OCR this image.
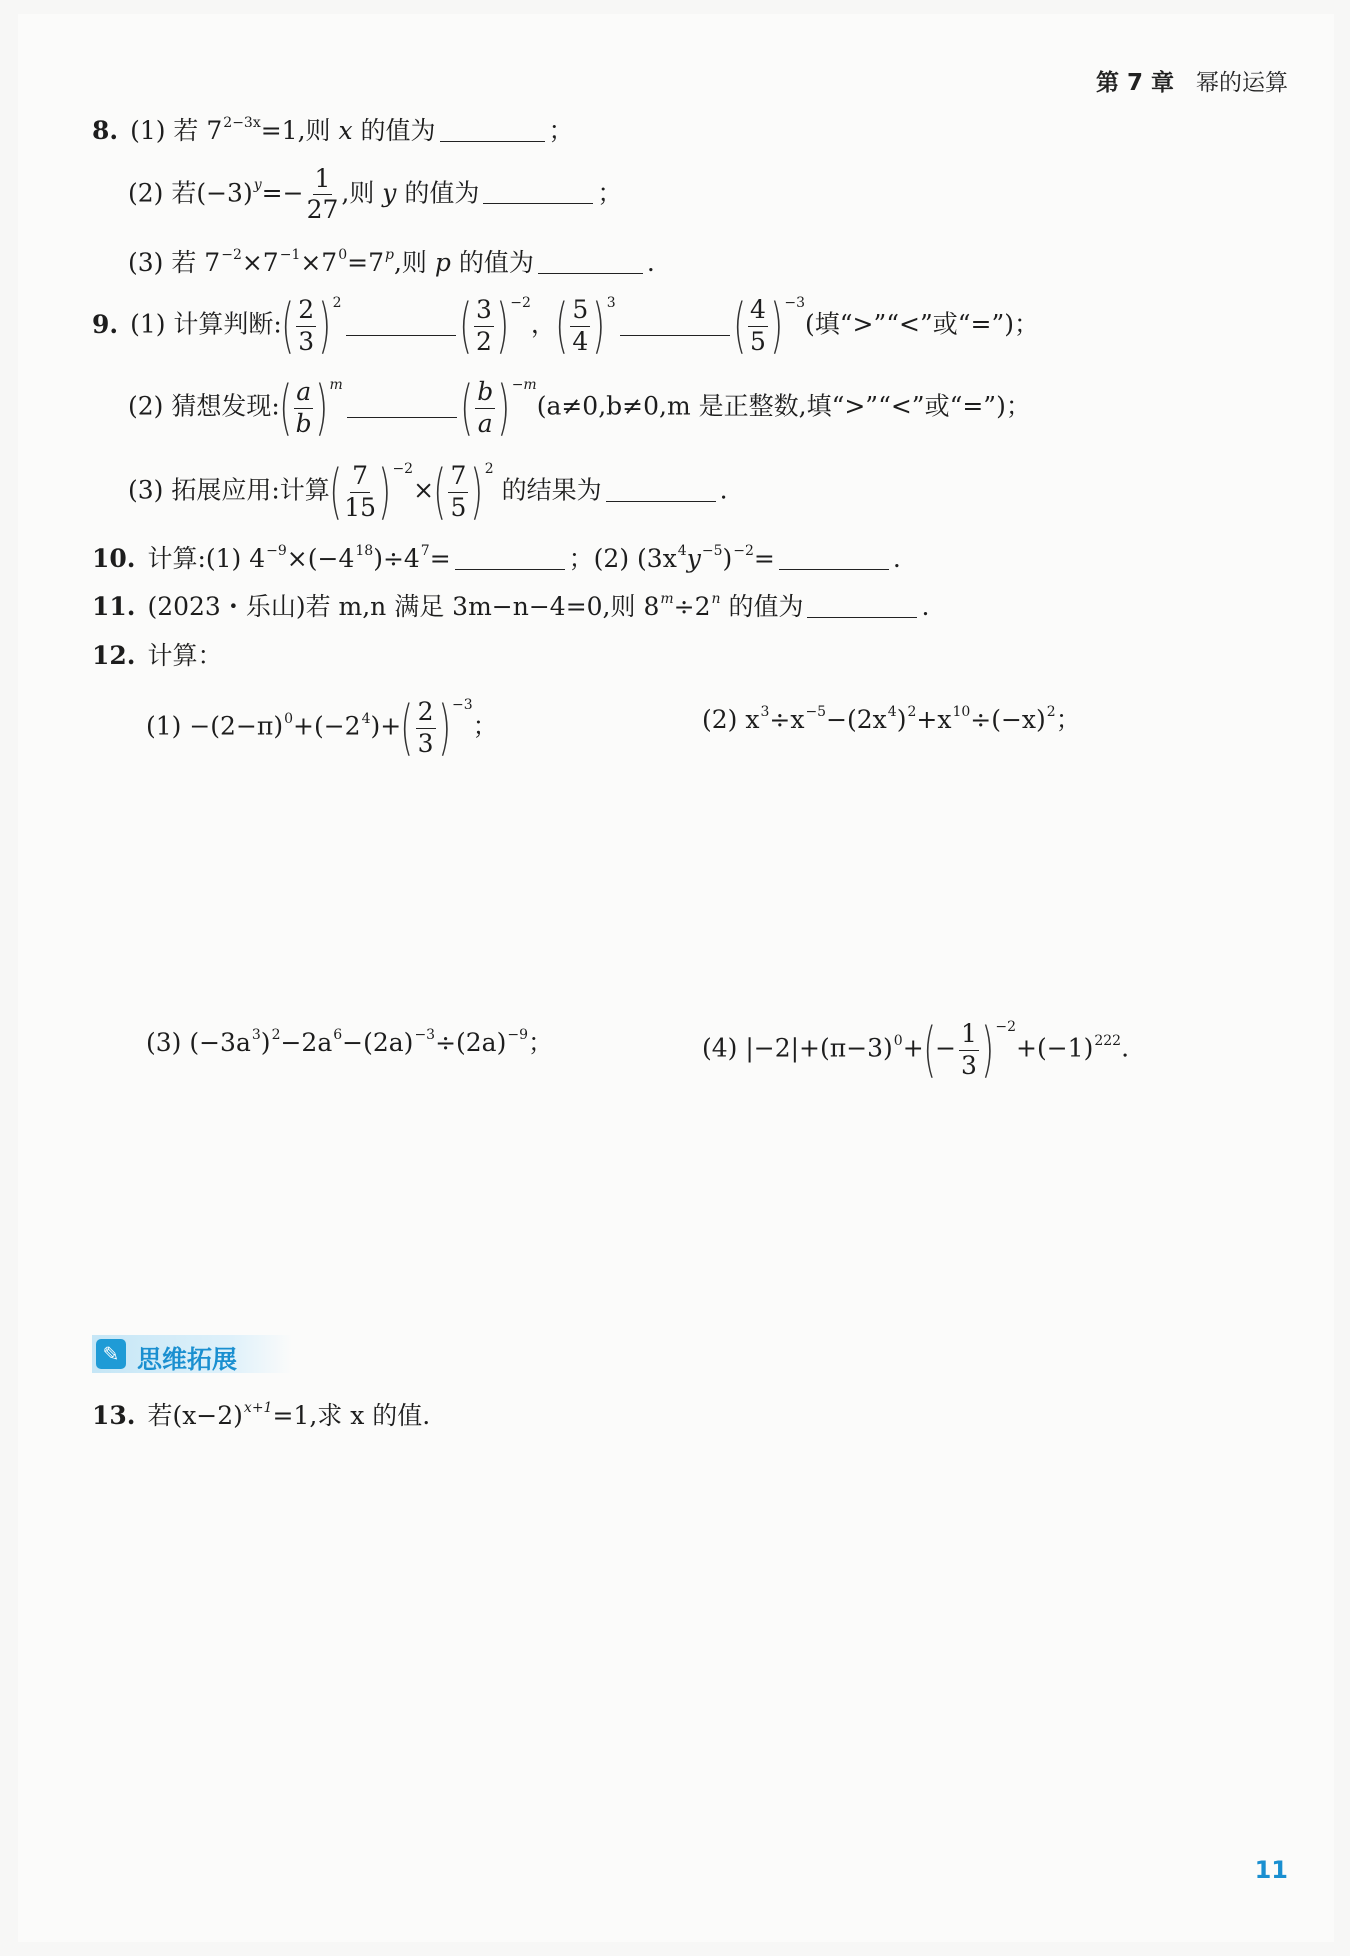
第 7 章 幂的运算
8. (1) 若 $7^{2-3x}=1$,则 x 的值为	；
(2) 若$(-3)^y=- \frac{1}{27}$ ,则 y 的值为	；
(3) 若 $7^{-2}\times 7^{-1}\times 7^0=7^p$,则 p 的值为	.
9. (1) 计算判断:( $\frac{2}{3} )^2$ ( $\frac{3}{2} )^{-2}$，( $\frac{5}{4} )^3$ ( $\frac{4}{5} )^{-3}$(填“>”“<”或“=”)；
(2) 猜想发现:( $\frac{a}{b} )^m$ ( $\frac{b}{a} )^{-m}(a\ne 0,b\ne 0,m$ 是正整数,填“>”“<”或“=”)；
(3) 拓展应用:计算( $\frac{7}{15} )^{-2}\times( \frac{7}{5} )^2$ 的结果为	.
10. 计算:(1) $4^{-9}\times(-4^{18})\div 4^7=$	；(2) $(3x^4y^{-5})^{-2}=$	.
11. (2023・乐山)若 m,n 满足 3m−n−4=0,则 $8^m\div 2^n$ 的值为	.
12. 计算：
$(1) -(2-\pi)^0+(-2^4)+( \frac{2}{3} )^{-3}$；	(2) $x^3\div x^{-5}-(2x^4)^2+x^{10}\div(-x)^2$；
(3) $(-3a^3)^2-2a^6-(2a)^{-3}\div(2a)^{-9}$；	(4) $|-2|+(\pi-3)^0+(- \frac{1}{3} )^{-2}+(-1)^{222}$.
✎ 思维拓展
13. 若$(x-2)^{x+1}=1$,求 x 的值.
11
